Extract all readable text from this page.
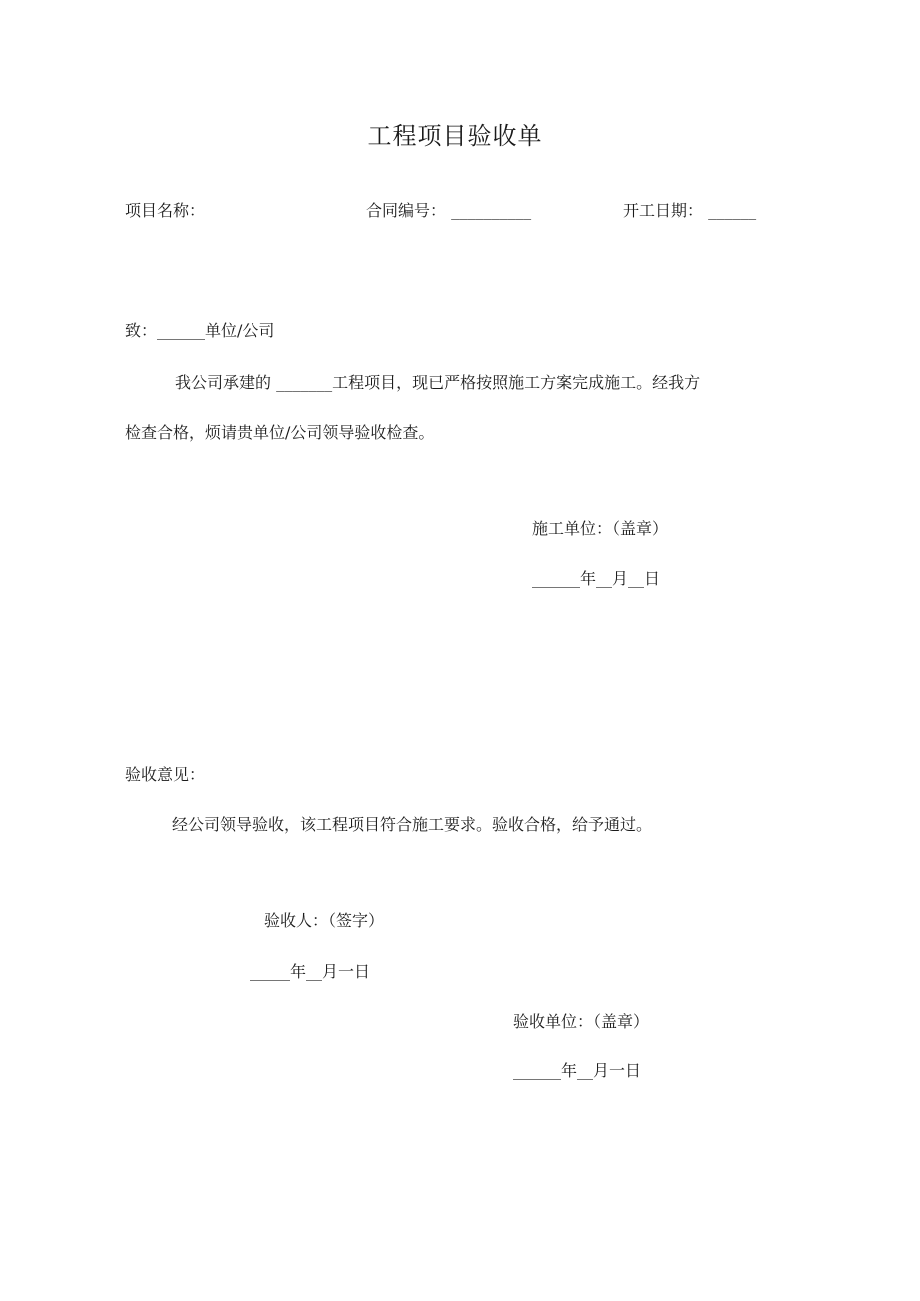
工程项目验收单
项目名称：	合同编号： __________	开工日期： ______
致：______单位/公司
我公司承建的 _______工程项目，现已严格按照施工方案完成施工。经我方
检查合格，烦请贵单位/公司领导验收检查。
施工单位：（盖章）
______年__月__日
验收意见：
经公司领导验收，该工程项目符合施工要求。验收合格，给予通过。
验收人：（签字）
_____年__月一日
验收单位：（盖章）
______年__月一日
